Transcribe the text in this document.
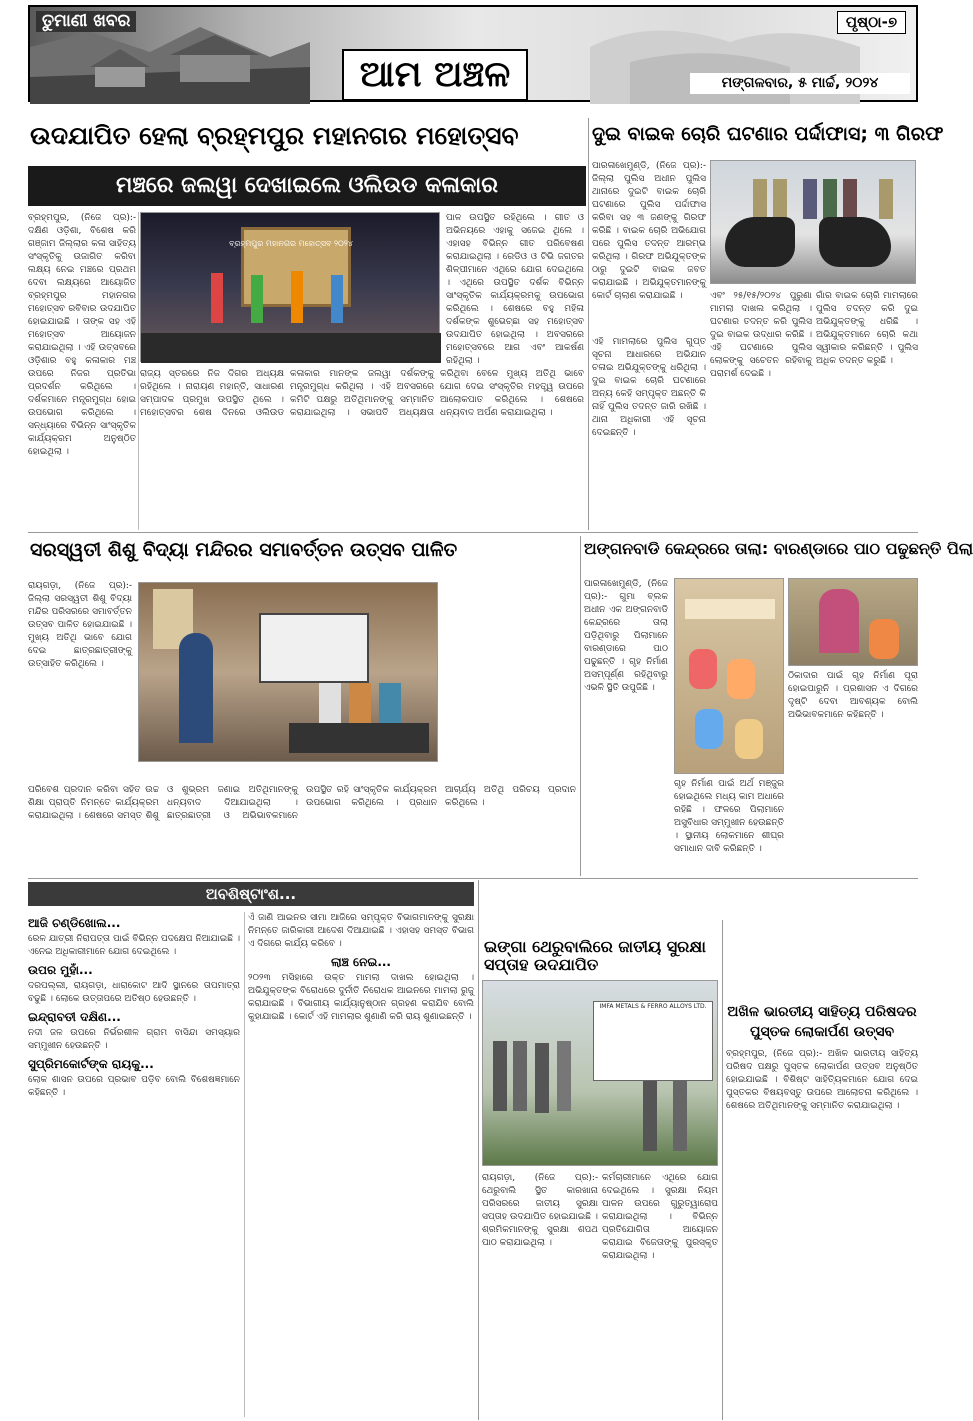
ତୁମାଣୀ ଖବର
ଆମ ଅଞ୍ଚଳ
ପୃଷ୍ଠା-୭
ମଙ୍ଗଳବାର, ୫ ମାର୍ଚ୍ଚ, ୨୦୨୪
ଉଦଯାପିତ ହେଲା ବ୍ରହ୍ମପୁର ମହାନଗର ମହୋତ୍ସବ
ମଞ୍ଚରେ ଜଲୱା ଦେଖାଇଲେ ଓଲିଉଡ କଳାକାର
ବ୍ରହ୍ମପୁର, (ନିଜେ ପ୍ର):- ଦକ୍ଷିଣ ଓଡ଼ିଶା, ବିଶେଷ କରି ଗଞ୍ଜାମ ଜିଲ୍ଲାର କଳା ସାହିତ୍ୟ ସଂସ୍କୃତିକୁ ଉଜାଗିତ କରିବା ଲକ୍ଷ୍ୟ ନେଇ ମଞ୍ଚରେ ପ୍ରଥମ ଦେବା ଲକ୍ଷ୍ୟରେ ଆୟୋଜିତ ବ୍ରହ୍ମପୁର ମହାନଗର ମହୋତ୍ସବ ରବିବାର ଉଦଯାପିତ ହୋଇଯାଇଛି । ତାଙ୍କ ସହ ଏହି ମହୋତ୍ସବ ଆୟୋଜନ କରାଯାଇଥିଲା । ଏହି ଉତ୍ସବରେ ଓଡ଼ିଶାର ବହୁ କଳାକାର ମଞ୍ଚ ଉପରେ ନିଜର ପ୍ରତିଭା ପ୍ରଦର୍ଶନ କରିଥିଲେ । ଦର୍ଶକମାନେ ମନ୍ତ୍ରମୁଗ୍ଧ ହୋଇ ଉପଭୋଗ କରିଥିଲେ । ସନ୍ଧ୍ୟାରେ ବିଭିନ୍ନ ସାଂସ୍କୃତିକ କାର୍ଯ୍ୟକ୍ରମ ଅନୁଷ୍ଠିତ ହୋଇଥିଲା ।
ବ୍ରହ୍ମପୁର ମହାନଗର ମହୋତ୍ସବ ୨୦୨୪
ପାଳ ଉପସ୍ଥିତ ରହିଥିଲେ । ଗୀତ ଓ ଅଭିନୟରେ ଏହାକୁ ସଜେଇ ଥିଲେ । ଏହାସହ ବିଭିନ୍ନ ଗୀତ ପରିବେଷଣ କରାଯାଇଥିଲା । ରେଡିଓ ଓ ଟିଭି ଜଗତର ଶିଳ୍ପୀମାନେ ଏଥିରେ ଯୋଗ ଦେଇଥିଲେ । ଏଥିରେ ଉପସ୍ଥିତ ଦର୍ଶକ ବିଭିନ୍ନ ସାଂସ୍କୃତିକ କାର୍ଯ୍ୟକ୍ରମକୁ ଉପଭୋଗ କରିଥିଲେ । ଶେଷରେ ବହୁ ମହିଳା ଦର୍ଶକଙ୍କ ଶୁଭେଚ୍ଛା ସହ ମହୋତ୍ସବ ଉଦଯାପିତ ହୋଇଥିଲା । ଅବସରରେ ମହୋତ୍ସବରେ ଆଗ ଏବଂ ଆକର୍ଷଣ ରହିଥିଲା ।
ରାଜ୍ୟ ସ୍ତରରେ ନିଜ ଦିଗର ଅଧ୍ୟକ୍ଷ ରହିଥିଲେ । ନାରାୟଣ ମହାନ୍ତି, ସାଧାରଣ ସମ୍ପାଦକ ପ୍ରମୁଖ ଉପସ୍ଥିତ ଥିଲେ । ମହୋତ୍ସବର ଶେଷ ଦିନରେ ଓଲିଉଡ କଳାକାର ମାନଙ୍କ ଜଲୱା ଦର୍ଶକଙ୍କୁ ମନ୍ତ୍ରମୁଗ୍ଧ କରିଥିଲା । ଏହି ଅବସରରେ କମିଟି ପକ୍ଷରୁ ଅତିଥିମାନଙ୍କୁ ସମ୍ମାନିତ କରାଯାଇଥିଲା । ସଭାପତି ଅଧ୍ୟକ୍ଷତା କରିଥିବା ବେଳେ ମୁଖ୍ୟ ଅତିଥି ଭାବେ ଯୋଗ ଦେଇ ସଂସ୍କୃତିର ମହତ୍ତ୍ୱ ଉପରେ ଆଲୋକପାତ କରିଥିଲେ । ଶେଷରେ ଧନ୍ୟବାଦ ଅର୍ପଣ କରାଯାଇଥିଲା ।
ଦୁଇ ବାଇକ ଚୋରି ଘଟଣାର ପର୍ଦ୍ଦାଫାସ; ୩ ଗିରଫ
ପାରଳାଖେମୁଣ୍ଡି, (ନିଜେ ପ୍ର):- ଜିଲ୍ଲା ପୁଲିସ ଅଧୀନ ପୁଲିସ ଥାନାରେ ଦୁଇଟି ବାଇକ ଚୋରି ଘଟଣାରେ ପୁଲିସ ପର୍ଦ୍ଦାଫାସ କରିବା ସହ ୩ ଜଣଙ୍କୁ ଗିରଫ କରିଛି । ବାଇକ ଚୋରି ଅଭିଯୋଗ ପରେ ପୁଲିସ ତଦନ୍ତ ଆରମ୍ଭ କରିଥିଲା । ଗିରଫ ଅଭିଯୁକ୍ତଙ୍କ ଠାରୁ ଦୁଇଟି ବାଇକ ଜବତ କରାଯାଇଛି । ଅଭିଯୁକ୍ତମାନଙ୍କୁ କୋର୍ଟ ଚାଲାଣ କରାଯାଇଛି ।
ଏହି ମାମଲାରେ ପୁଲିସ ଗୁପ୍ତ ସୂଚନା ଆଧାରରେ ଅଭିଯାନ ଚଳାଇ ଅଭିଯୁକ୍ତଙ୍କୁ ଧରିଥିଲା । ଦୁଇ ବାଇକ ଚୋରି ଘଟଣାରେ ଅନ୍ୟ କେହି ସମ୍ପୃକ୍ତ ଅଛନ୍ତି କି ନାହିଁ ପୁଲିସ ତଦନ୍ତ ଜାରି ରଖିଛି । ଥାନା ଅଧିକାରୀ ଏହି ସୂଚନା ଦେଇଛନ୍ତି ।
ଏବଂ ୨୫/୧୫/୨୦୨୪ ପୁରୁଣା ମାମଲା ଦାଖଲ କରିଥିଲା । ଘଟଣାର ତଦନ୍ତ କରି ପୁଲିସ ଦୁଇ ବାଇକ ଉଦ୍ଧାର କରିଛି । ଏହି ଘଟଣାରେ ପୁଲିସ ଲୋକଙ୍କୁ ସଚେତନ ରହିବାକୁ ପରାମର୍ଶ ଦେଇଛି ।
ଗାଁର ବାଇକ ଚୋରି ମାମଲାରେ ପୁଲିସ ତଦନ୍ତ କରି ଦୁଇ ଅଭିଯୁକ୍ତଙ୍କୁ ଧରିଛି । ଅଭିଯୁକ୍ତମାନେ ଚୋରି କଥା ସ୍ୱୀକାର କରିଛନ୍ତି । ପୁଲିସ ଅଧିକ ତଦନ୍ତ କରୁଛି ।
ସରସ୍ୱତୀ ଶିଶୁ ବିଦ୍ୟା ମନ୍ଦିରର ସମାବର୍ତ୍ତନ ଉତ୍ସବ ପାଳିତ
ରାୟଗଡ଼ା, (ନିଜେ ପ୍ର):- ଜିଲ୍ଲା ସରସ୍ୱତୀ ଶିଶୁ ବିଦ୍ୟା ମନ୍ଦିର ପରିସରରେ ସମାବର୍ତ୍ତନ ଉତ୍ସବ ପାଳିତ ହୋଇଯାଇଛି । ମୁଖ୍ୟ ଅତିଥି ଭାବେ ଯୋଗ ଦେଇ ଛାତ୍ରଛାତ୍ରୀଙ୍କୁ ଉତ୍ସାହିତ କରିଥିଲେ ।
ପରିବେଶ ପ୍ରଦାନ କରିବା ସହିତ ଉଚ୍ଚ ଶିକ୍ଷା ପ୍ରାପ୍ତି ନିମନ୍ତେ କାର୍ଯ୍ୟକ୍ରମ କରାଯାଇଥିଲା । ଶେଷରେ ସମସ୍ତ ଶିଶୁ ଓ ଶୁଭ୍ରମ ଜଣାଇ ଅତିଥିମାନଙ୍କୁ ଧନ୍ୟବାଦ ଦିଆଯାଇଥିଲା । ଛାତ୍ରଛାତ୍ରୀ ଓ ଅଭିଭାବକମାନେ ଉପସ୍ଥିତ ରହି ସାଂସ୍କୃତିକ କାର୍ଯ୍ୟକ୍ରମ ଉପଭୋଗ କରିଥିଲେ । ପ୍ରଧାନ ଆଚାର୍ଯ୍ୟ ଅତିଥି ପରିଚୟ ପ୍ରଦାନ କରିଥିଲେ ।
ଅଙ୍ଗନବାଡି କେନ୍ଦ୍ରରେ ତାଲା: ବାରଣ୍ଡାରେ ପାଠ ପଢୁଛନ୍ତି ପିଲା
ପାରଳାଖେମୁଣ୍ଡି, (ନିଜେ ପ୍ର):- ଗୁମା ବ୍ଲକ ଅଧୀନ ଏକ ଅଙ୍ଗନବାଡି କେନ୍ଦ୍ରରେ ତାଲା ପଡ଼ିଥିବାରୁ ପିଲାମାନେ ବାରଣ୍ଡାରେ ପାଠ ପଢୁଛନ୍ତି । ଗୃହ ନିର୍ମାଣ ଅସମ୍ପୂର୍ଣ୍ଣ ରହିଥିବାରୁ ଏଭଳି ସ୍ଥିତି ଉପୁଜିଛି ।
ଠିକାଦାର ପାଇଁ ଗୃହ ନିର୍ମାଣ ପୂରା ହୋଇପାରୁନି । ପ୍ରଶାସନ ଏ ଦିଗରେ ଦୃଷ୍ଟି ଦେବା ଆବଶ୍ୟକ ବୋଲି ଅଭିଭାବକମାନେ କହିଛନ୍ତି ।
ଗୃହ ନିର୍ମାଣ ପାଇଁ ଅର୍ଥ ମଞ୍ଜୁର ହୋଇଥିଲେ ମଧ୍ୟ କାମ ଅଧାରେ ରହିଛି । ଫଳରେ ପିଲାମାନେ ଅସୁବିଧାର ସମ୍ମୁଖୀନ ହେଉଛନ୍ତି । ସ୍ଥାନୀୟ ଲୋକମାନେ ଶୀଘ୍ର ସମାଧାନ ଦାବି କରିଛନ୍ତି ।
ଅବଶିଷ୍ଟାଂଶ...
ଆଜି ଚଣ୍ଡିଖୋଲ...
ରେଳ ଯାତ୍ରୀ ନିରାପତ୍ତା ପାଇଁ ବିଭିନ୍ନ ପଦକ୍ଷେପ ନିଆଯାଇଛି । ଏନେଇ ଅଧିକାରୀମାନେ ଯୋଗ ଦେଇଥିଲେ ।
ଉପର ମୁହାଁ...
ଦରପଲ୍ଲୀ, ରାୟଗଡ଼ା, ଧାରାକୋଟ ଆଦି ସ୍ଥାନରେ ତାପମାତ୍ରା ବଢୁଛି । ଲୋକେ ଉତ୍ତାପରେ ଅତିଷ୍ଠ ହେଉଛନ୍ତି ।
ଇନ୍ଦ୍ରାବତୀ ଦକ୍ଷିଣ...
ନଦୀ ଜଳ ଉପରେ ନିର୍ଭରଶୀଳ ଗ୍ରାମ ବାସିନ୍ଦା ସମସ୍ୟାର ସମ୍ମୁଖୀନ ହେଉଛନ୍ତି ।
ସୁପ୍ରିମକୋର୍ଟଙ୍କ ରାୟକୁ...
ଲୋକ ଶାସନ ଉପରେ ପ୍ରଭାବ ପଡ଼ିବ ବୋଲି ବିଶେଷଜ୍ଞମାନେ କହିଛନ୍ତି ।
ଏଁ ଜାଣି ଆଇନର ସୀମା ଆଜିରେ ସମ୍ପୃକ୍ତ ବିଭାଗମାନଙ୍କୁ ସୁରକ୍ଷା ନିମନ୍ତେ ଜାରିକାରୀ ଆଦେଶ ଦିଆଯାଇଛି । ଏହାସହ ସମସ୍ତ ବିଭାଗ ଏ ଦିଗରେ କାର୍ଯ୍ୟ କରିବେ ।
ଲାଞ୍ଚ ନେଇ...
୨୦୨୩ ମସିହାରେ ଉକ୍ତ ମାମଲା ଦାଖଲ ହୋଇଥିଲା । ଅଭିଯୁକ୍ତଙ୍କ ବିରୋଧରେ ଦୁର୍ନୀତି ନିରୋଧକ ଆଇନରେ ମାମଲା ରୁଜୁ କରାଯାଇଛି । ବିଭାଗୀୟ କାର୍ଯ୍ୟାନୁଷ୍ଠାନ ଗ୍ରହଣ କରାଯିବ ବୋଲି କୁହାଯାଇଛି । କୋର୍ଟ ଏହି ମାମଲାର ଶୁଣାଣି କରି ରାୟ ଶୁଣାଇଛନ୍ତି ।
ଇଙ୍ଗା ଥେରୁବାଲିରେ ଜାତୀୟ ସୁରକ୍ଷା ସପ୍ତାହ ଉଦଯାପିତ
IMFA METALS & FERRO ALLOYS LTD.
ରାୟଗଡ଼ା, (ନିଜେ ପ୍ର):- ଥେରୁବାଲି ସ୍ଥିତ କାରଖାନା ପରିସରରେ ଜାତୀୟ ସୁରକ୍ଷା ସପ୍ତାହ ଉଦଯାପିତ ହୋଇଯାଇଛି । ଶ୍ରମିକମାନଙ୍କୁ ସୁରକ୍ଷା ଶପଥ ପାଠ କରାଯାଇଥିଲା ।
କର୍ମଚାରୀମାନେ ଏଥିରେ ଯୋଗ ଦେଇଥିଲେ । ସୁରକ୍ଷା ନିୟମ ପାଳନ ଉପରେ ଗୁରୁତ୍ୱାରୋପ କରାଯାଇଥିଲା । ବିଭିନ୍ନ ପ୍ରତିଯୋଗିତା ଆୟୋଜନ କରାଯାଇ ବିଜେତାଙ୍କୁ ପୁରସ୍କୃତ କରାଯାଇଥିଲା ।
ଅଖିଳ ଭାରତୀୟ ସାହିତ୍ୟ ପରିଷଦର ପୁସ୍ତକ ଲୋକାର୍ପଣ ଉତ୍ସବ
ବ୍ରହ୍ମପୁର, (ନିଜେ ପ୍ର):- ଅଖିଳ ଭାରତୀୟ ସାହିତ୍ୟ ପରିଷଦ ପକ୍ଷରୁ ପୁସ୍ତକ ଲୋକାର୍ପଣ ଉତ୍ସବ ଅନୁଷ୍ଠିତ ହୋଇଯାଇଛି । ବିଶିଷ୍ଟ ସାହିତ୍ୟିକମାନେ ଯୋଗ ଦେଇ ପୁସ୍ତକର ବିଷୟବସ୍ତୁ ଉପରେ ଆଲୋଚନା କରିଥିଲେ । ଶେଷରେ ଅତିଥିମାନଙ୍କୁ ସମ୍ମାନିତ କରାଯାଇଥିଲା ।
